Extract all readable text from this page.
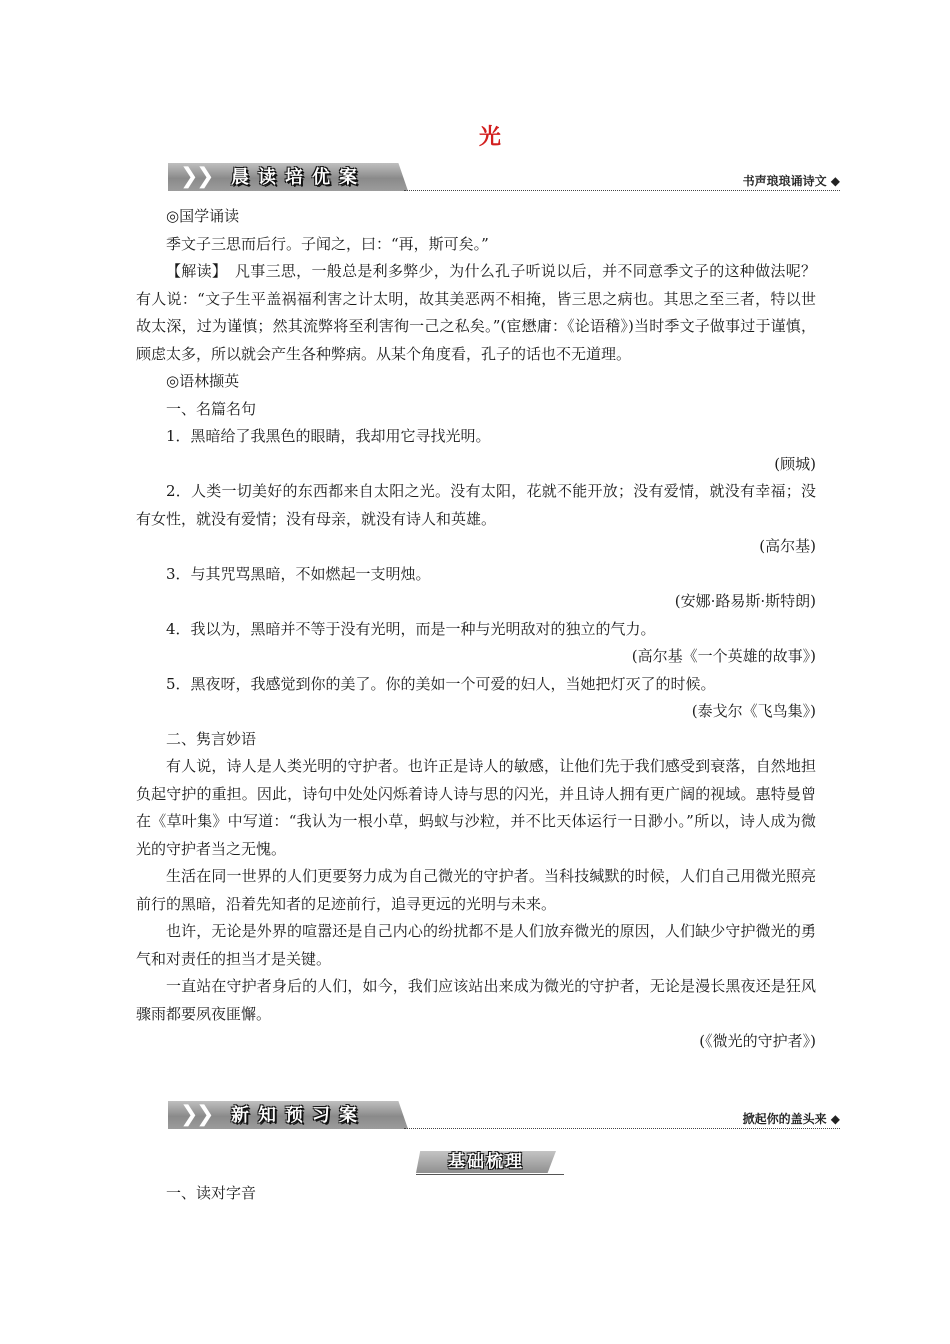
光
❯
❯ 晨 读 培 优 案	书声琅琅诵诗文 ◆

◎国学诵读

季文子三思而后行。子闻之，曰：“再，斯可矣。”

【解读】　凡事三思，一般总是利多弊少，为什么孔子听说以后，并不同意季文子的这种做法呢？有人说：“文子生平盖祸福利害之计太明，故其美恶两不相掩，皆三思之病也。其思之至三者，特以世故太深，过为谨慎；然其流弊将至利害徇一己之私矣。”(宦懋庸：《论语稽》)当时季文子做事过于谨慎，顾虑太多，所以就会产生各种弊病。从某个角度看，孔子的话也不无道理。

◎语林撷英

一、名篇名句

1．黑暗给了我黑色的眼睛，我却用它寻找光明。

(顾城)

2．人类一切美好的东西都来自太阳之光。没有太阳，花就不能开放；没有爱情，就没有幸福；没有女性，就没有爱情；没有母亲，就没有诗人和英雄。

(高尔基)

3．与其咒骂黑暗，不如燃起一支明烛。

(安娜·路易斯·斯特朗)

4．我以为，黑暗并不等于没有光明，而是一种与光明敌对的独立的气力。

(高尔基《一个英雄的故事》)

5．黑夜呀，我感觉到你的美了。你的美如一个可爱的妇人，当她把灯灭了的时候。

(泰戈尔《飞鸟集》)

二、隽言妙语

有人说，诗人是人类光明的守护者。也许正是诗人的敏感，让他们先于我们感受到衰落，自然地担负起守护的重担。因此，诗句中处处闪烁着诗人诗与思的闪光，并且诗人拥有更广阔的视域。惠特曼曾在《草叶集》中写道：“我认为一根小草，蚂蚁与沙粒，并不比天体运行一日渺小。”所以，诗人成为微光的守护者当之无愧。

生活在同一世界的人们更要努力成为自己微光的守护者。当科技缄默的时候，人们自己用微光照亮前行的黑暗，沿着先知者的足迹前行，追寻更远的光明与未来。

也许，无论是外界的喧嚣还是自己内心的纷扰都不是人们放弃微光的原因，人们缺少守护微光的勇气和对责任的担当才是关键。

一直站在守护者身后的人们，如今，我们应该站出来成为微光的守护者，无论是漫长黑夜还是狂风骤雨都要夙夜匪懈。

(《微光的守护者》)

❯
❯ 新 知 预 习 案	掀起你的盖头来 ◆
基础梳理

一、读对字音
